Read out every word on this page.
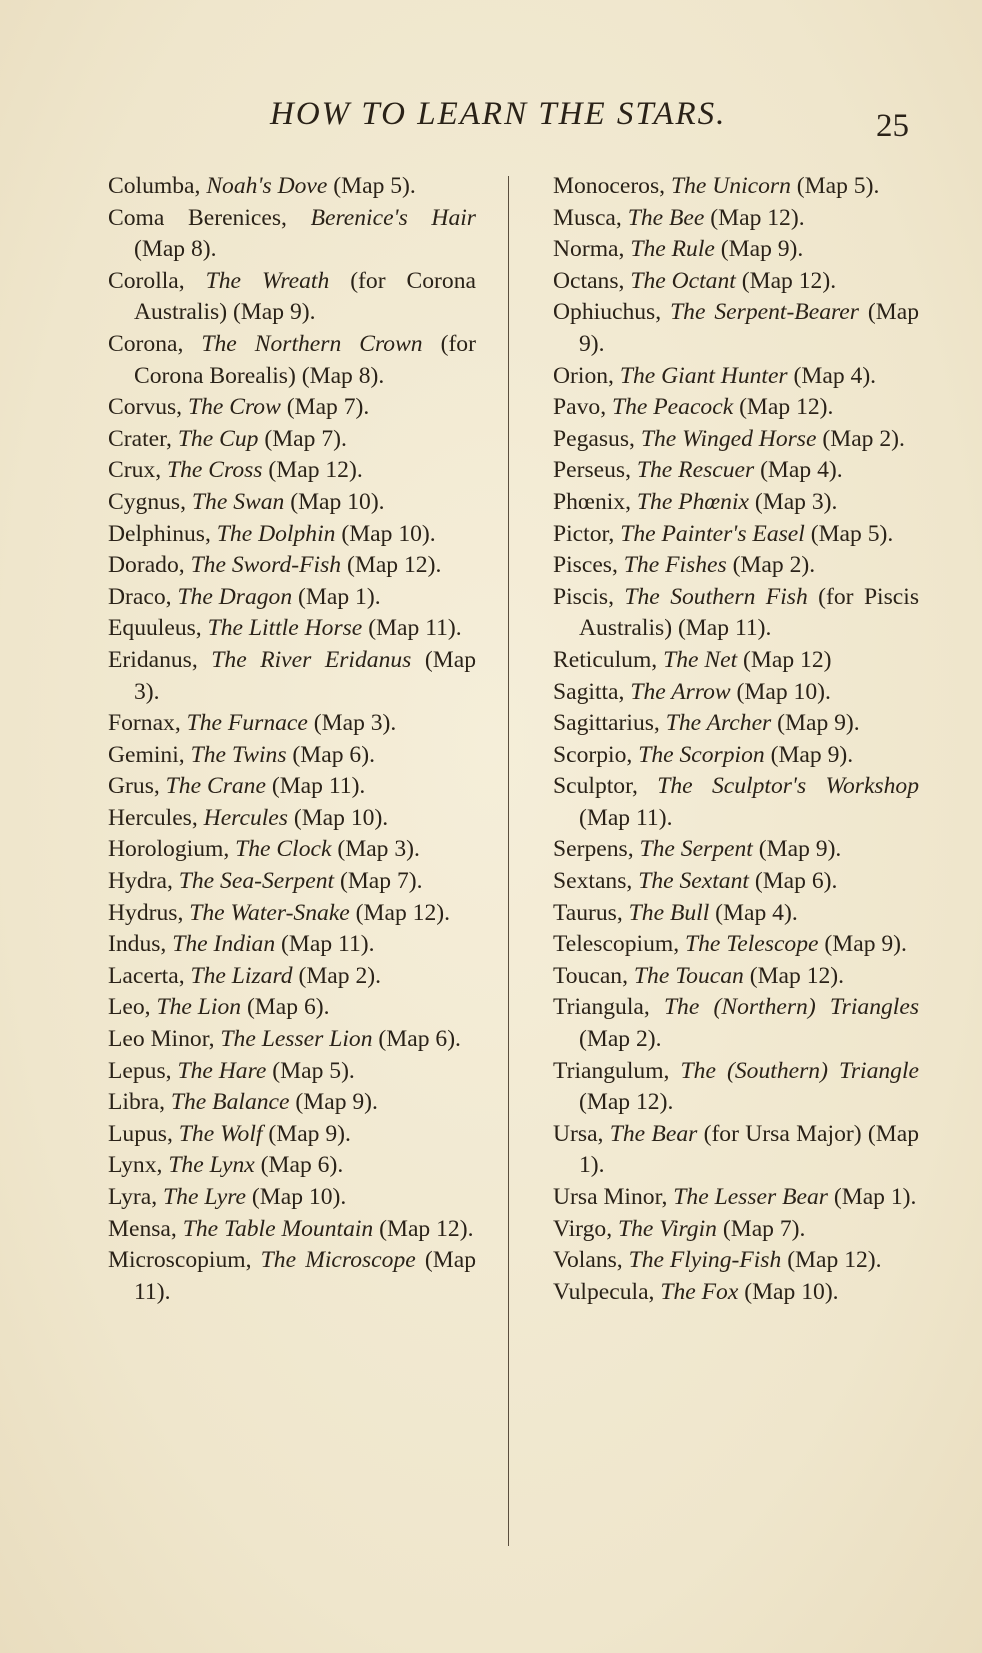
HOW TO LEARN THE STARS.	25

Columba, Noah's Dove (Map 5).

Coma Berenices, Berenice's Hair (Map 8).

Corolla, The Wreath (for Corona Australis) (Map 9).

Corona, The Northern Crown (for Corona Borealis) (Map 8).

Corvus, The Crow (Map 7).

Crater, The Cup (Map 7).

Crux, The Cross (Map 12).

Cygnus, The Swan (Map 10).

Delphinus, The Dolphin (Map 10).

Dorado, The Sword-Fish (Map 12).

Draco, The Dragon (Map 1).

Equuleus, The Little Horse (Map 11).

Eridanus, The River Eridanus (Map 3).

Fornax, The Furnace (Map 3).

Gemini, The Twins (Map 6).

Grus, The Crane (Map 11).

Hercules, Hercules (Map 10).

Horologium, The Clock (Map 3).

Hydra, The Sea-Serpent (Map 7).

Hydrus, The Water-Snake (Map 12).

Indus, The Indian (Map 11).

Lacerta, The Lizard (Map 2).

Leo, The Lion (Map 6).

Leo Minor, The Lesser Lion (Map 6).

Lepus, The Hare (Map 5).

Libra, The Balance (Map 9).

Lupus, The Wolf (Map 9).

Lynx, The Lynx (Map 6).

Lyra, The Lyre (Map 10).

Mensa, The Table Mountain (Map 12).

Microscopium, The Microscope (Map 11).

Monoceros, The Unicorn (Map 5).

Musca, The Bee (Map 12).

Norma, The Rule (Map 9).

Octans, The Octant (Map 12).

Ophiuchus, The Serpent-Bearer (Map 9).

Orion, The Giant Hunter (Map 4).

Pavo, The Peacock (Map 12).

Pegasus, The Winged Horse (Map 2).

Perseus, The Rescuer (Map 4).

Phœnix, The Phœnix (Map 3).

Pictor, The Painter's Easel (Map 5).

Pisces, The Fishes (Map 2).

Piscis, The Southern Fish (for Piscis Australis) (Map 11).

Reticulum, The Net (Map 12)

Sagitta, The Arrow (Map 10).

Sagittarius, The Archer (Map 9).

Scorpio, The Scorpion (Map 9).

Sculptor, The Sculptor's Workshop (Map 11).

Serpens, The Serpent (Map 9).

Sextans, The Sextant (Map 6).

Taurus, The Bull (Map 4).

Telescopium, The Telescope (Map 9).

Toucan, The Toucan (Map 12).

Triangula, The (Northern) Triangles (Map 2).

Triangulum, The (Southern) Triangle (Map 12).

Ursa, The Bear (for Ursa Major) (Map 1).

Ursa Minor, The Lesser Bear (Map 1).

Virgo, The Virgin (Map 7).

Volans, The Flying-Fish (Map 12).

Vulpecula, The Fox (Map 10).
